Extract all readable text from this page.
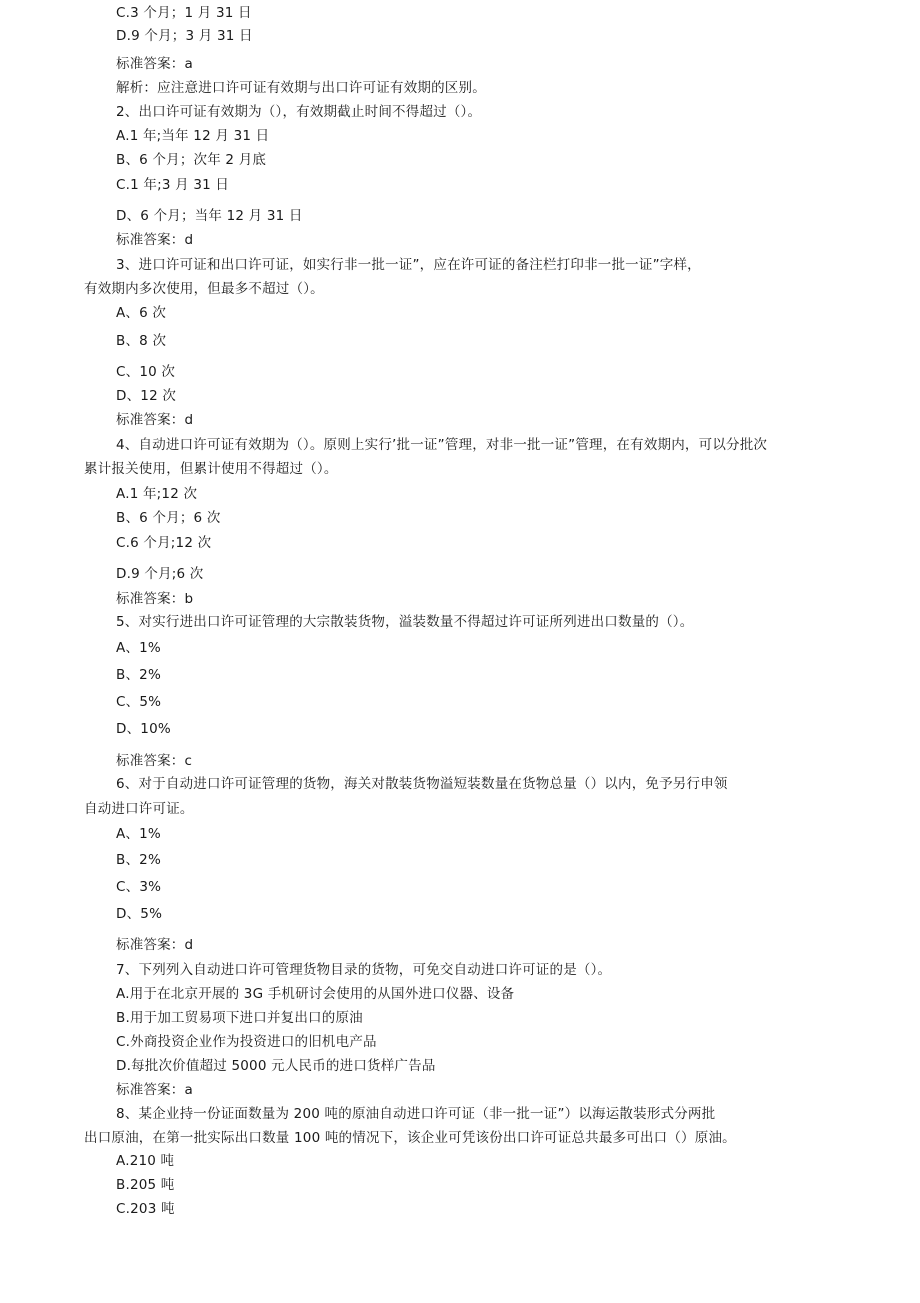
C.3 个月；1 月 31 日
D.9 个月；3 月 31 日
标准答案：a
解析：应注意进口许可证有效期与出口许可证有效期的区别。
2、出口许可证有效期为（），有效期截止时间不得超过（）。
A.1 年;当年 12 月 31 日
B、6 个月；次年 2 月底
C.1 年;3 月 31 日
D、6 个月；当年 12 月 31 日
标准答案：d
3、进口许可证和出口许可证，如实行非一批一证”，应在许可证的备注栏打印非一批一证”字样，
有效期内多次使用，但最多不超过（）。
A、6 次
B、8 次
C、10 次
D、12 次
标准答案：d
4、自动进口许可证有效期为（）。原则上实行’批一证”管理，对非一批一证”管理，在有效期内，可以分批次
累计报关使用，但累计使用不得超过（）。
A.1 年;12 次
B、6 个月；6 次
C.6 个月;12 次
D.9 个月;6 次
标准答案：b
5、对实行进出口许可证管理的大宗散装货物，溢装数量不得超过许可证所列进出口数量的（）。
A、1%
B、2%
C、5%
D、10%
标准答案：c
6、对于自动进口许可证管理的货物，海关对散装货物溢短装数量在货物总量（）以内，免予另行申领
自动进口许可证。
A、1%
B、2%
C、3%
D、5%
标准答案：d
7、下列列入自动进口许可管理货物目录的货物，可免交自动进口许可证的是（）。
A.用于在北京开展的 3G 手机研讨会使用的从国外进口仪器、设备
B.用于加工贸易项下进口并复出口的原油
C.外商投资企业作为投资进口的旧机电产品
D.每批次价值超过 5000 元人民币的进口货样广告品
标准答案：a
8、某企业持一份证面数量为 200 吨的原油自动进口许可证（非一批一证”）以海运散装形式分两批
出口原油，在第一批实际出口数量 100 吨的情况下，该企业可凭该份出口许可证总共最多可出口（）原油。
A.210 吨
B.205 吨
C.203 吨
